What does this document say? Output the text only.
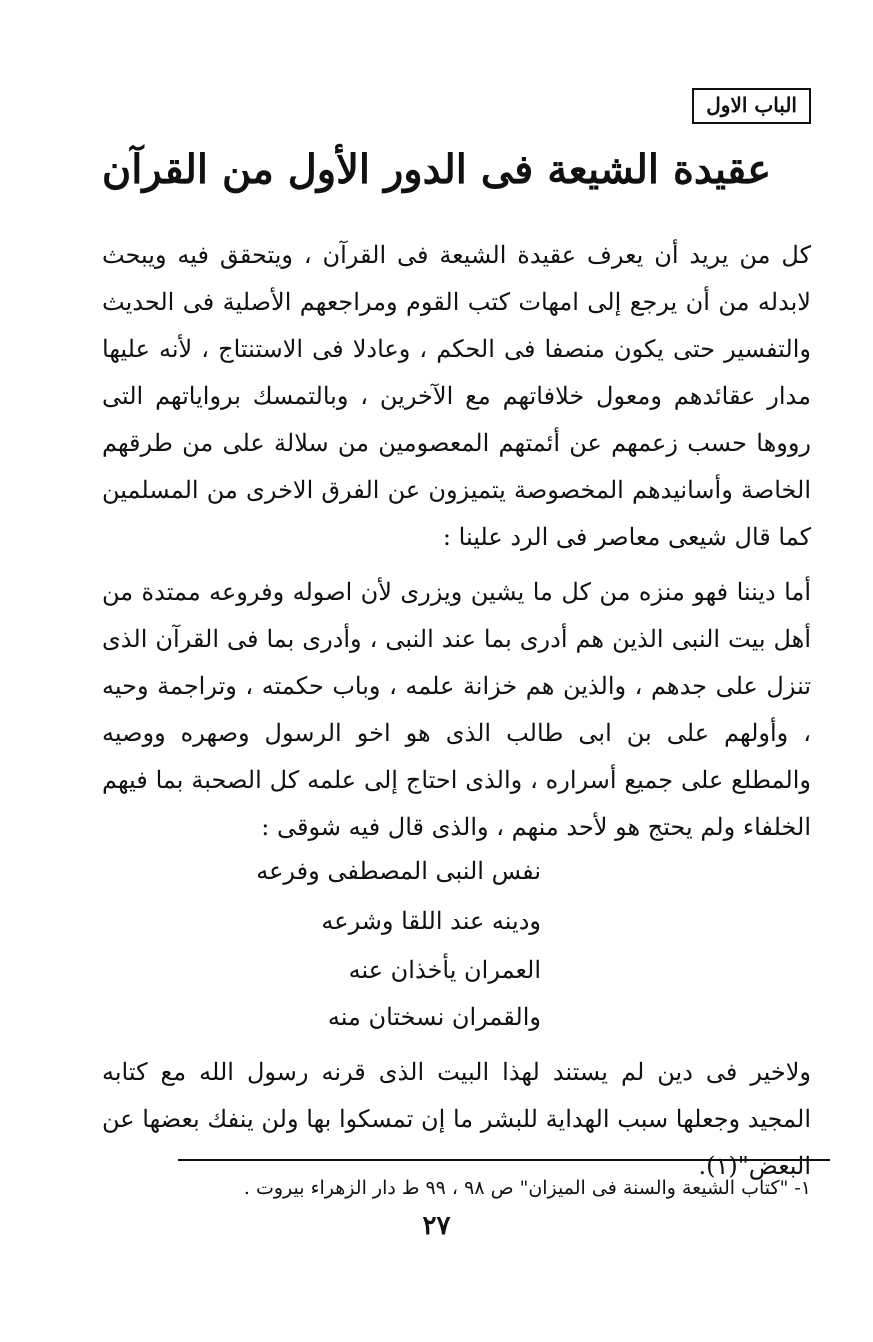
الباب الاول
عقيدة الشيعة فى الدور الأول من القرآن
كل من يريد أن يعرف عقيدة الشيعة فى القرآن ، ويتحقق فيه ويبحث لابدله من أن يرجع إلى امهات كتب القوم ومراجعهم الأصلية فى الحديث والتفسير حتى يكون منصفا فى الحكم ، وعادلا فى الاستنتاج ، لأنه عليها مدار عقائدهم ومعول خلافاتهم مع الآخرين ، وبالتمسك برواياتهم التى رووها حسب زعمهم عن أئمتهم المعصومين من سلالة على من طرقهم الخاصة وأسانيدهم المخصوصة يتميزون عن الفرق الاخرى من المسلمين كما قال شيعى معاصر فى الرد علينا :
أما ديننا فهو منزه من كل ما يشين ويزرى لأن اصوله وفروعه ممتدة من أهل بيت النبى الذين هم أدرى بما عند النبى ، وأدرى بما فى القرآن الذى تنزل على جدهم ، والذين هم خزانة علمه ، وباب حكمته ، وتراجمة وحيه ، وأولهم على بن ابى طالب الذى هو اخو الرسول وصهره ووصيه والمطلع على جميع أسراره ، والذى احتاج إلى علمه كل الصحبة بما فيهم الخلفاء ولم يحتج هو لأحد منهم ، والذى قال فيه شوقى :
نفس النبى المصطفى وفرعه
ودينه عند اللقا وشرعه
العمران يأخذان عنه
والقمران نسختان منه
ولاخير فى دين لم يستند لهذا البيت الذى قرنه رسول الله مع كتابه المجيد وجعلها سبب الهداية للبشر ما إن تمسكوا بها ولن ينفك بعضها عن البعض"(١).
١- "كتاب الشيعة والسنة فى الميزان" ص ٩٨ ، ٩٩ ط دار الزهراء بيروت .
٢٧
